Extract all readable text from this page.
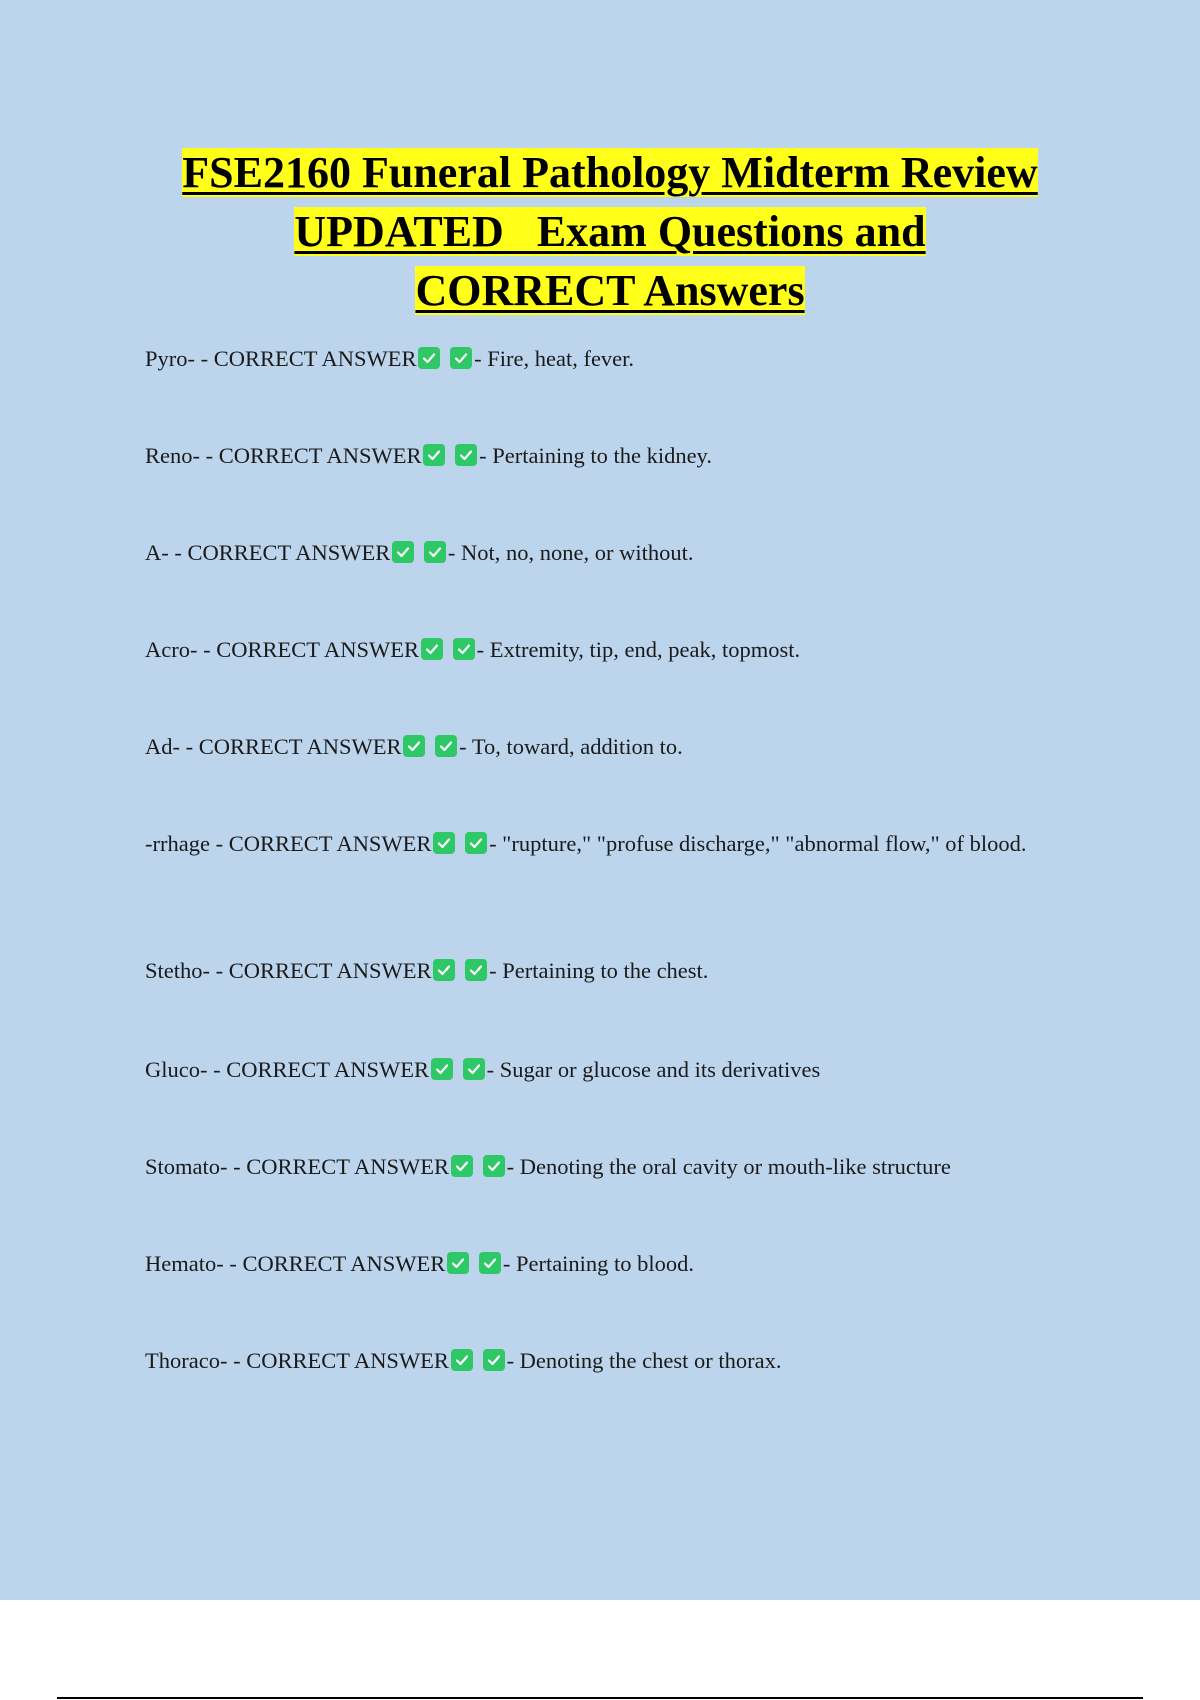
FSE2160 Funeral Pathology Midterm Review
UPDATED   Exam Questions and
CORRECT Answers
Pyro- - CORRECT ANSWER
	- Fire, heat, fever.
Reno- - CORRECT ANSWER
	- Pertaining to the kidney.
A- - CORRECT ANSWER
	- Not, no, none, or without.
Acro- - CORRECT ANSWER
	- Extremity, tip, end, peak, topmost.
Ad- - CORRECT ANSWER
	- To, toward, addition to.
-rrhage - CORRECT ANSWER
	- "rupture," "profuse discharge," "abnormal flow," of blood.
Stetho- - CORRECT ANSWER
	- Pertaining to the chest.
Gluco- - CORRECT ANSWER
	- Sugar or glucose and its derivatives
Stomato- - CORRECT ANSWER
	- Denoting the oral cavity or mouth-like structure
Hemato- - CORRECT ANSWER
	- Pertaining to blood.
Thoraco- - CORRECT ANSWER
	- Denoting the chest or thorax.
